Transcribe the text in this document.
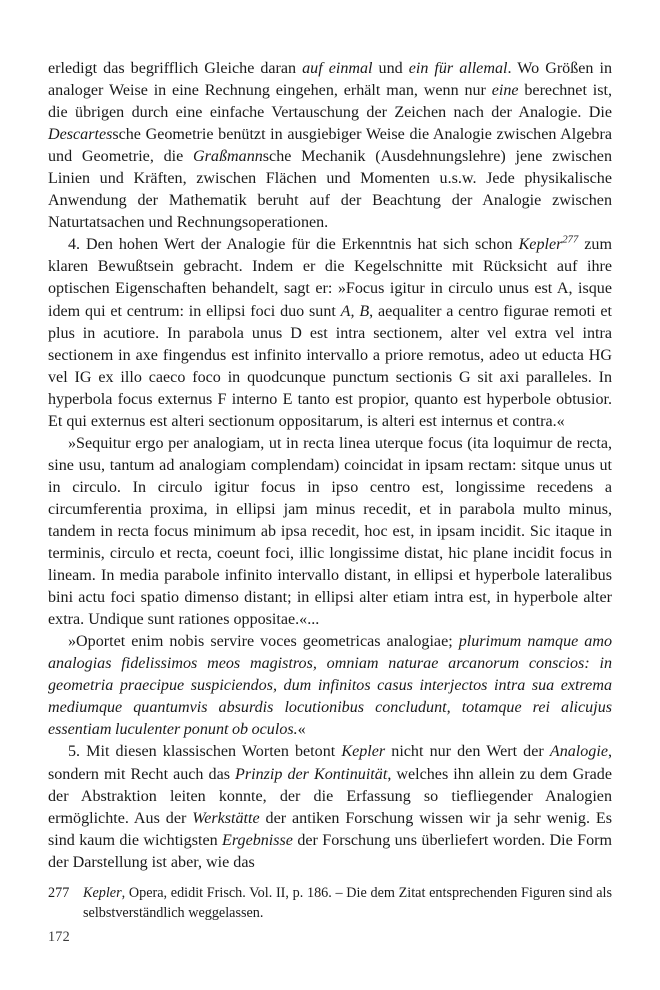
erledigt das begrifflich Gleiche daran auf einmal und ein für allemal. Wo Größen in analoger Weise in eine Rechnung eingehen, erhält man, wenn nur eine berechnet ist, die übrigen durch eine einfache Vertauschung der Zeichen nach der Analogie. Die Descartessche Geometrie benützt in ausgiebiger Weise die Analogie zwischen Algebra und Geometrie, die Graßmannsche Mechanik (Ausdehnungslehre) jene zwischen Linien und Kräften, zwischen Flächen und Momenten u.s.w. Jede physikalische Anwendung der Mathematik beruht auf der Beachtung der Analogie zwischen Naturtatsachen und Rechnungsoperationen.

4. Den hohen Wert der Analogie für die Erkenntnis hat sich schon Kepler$^{277}$ zum klaren Bewußtsein gebracht. Indem er die Kegelschnitte mit Rücksicht auf ihre optischen Eigenschaften behandelt, sagt er: »Focus igitur in circulo unus est A, isque idem qui et centrum: in ellipsi foci duo sunt A, B, aequaliter a centro figurae remoti et plus in acutiore. In parabola unus D est intra sectionem, alter vel extra vel intra sectionem in axe fingendus est infinito intervallo a priore remotus, adeo ut educta HG vel IG ex illo caeco foco in quodcunque punctum sectionis G sit axi paralleles. In hyperbola focus externus F interno E tanto est propior, quanto est hyperbole obtusior. Et qui externus est alteri sectionum oppositarum, is alteri est internus et contra.«

»Sequitur ergo per analogiam, ut in recta linea uterque focus (ita loquimur de recta, sine usu, tantum ad analogiam complendam) coincidat in ipsam rectam: sitque unus ut in circulo. In circulo igitur focus in ipso centro est, longissime recedens a circumferentia proxima, in ellipsi jam minus recedit, et in parabola multo minus, tandem in recta focus minimum ab ipsa recedit, hoc est, in ipsam incidit. Sic itaque in terminis, circulo et recta, coeunt foci, illic longissime distat, hic plane incidit focus in lineam. In media parabole infinito intervallo distant, in ellipsi et hyperbole lateralibus bini actu foci spatio dimenso distant; in ellipsi alter etiam intra est, in hyperbole alter extra. Undique sunt rationes oppositae.«...

»Oportet enim nobis servire voces geometricas analogiae; plurimum namque amo analogias fidelissimos meos magistros, omniam naturae arcanorum conscios: in geometria praecipue suspiciendos, dum infinitos casus interjectos intra sua extrema mediumque quantumvis absurdis locutionibus concludunt, totamque rei alicujus essentiam luculenter ponunt ob oculos.«

5. Mit diesen klassischen Worten betont Kepler nicht nur den Wert der Analogie, sondern mit Recht auch das Prinzip der Kontinuität, welches ihn allein zu dem Grade der Abstraktion leiten konnte, der die Erfassung so tiefliegender Analogien ermöglichte. Aus der Werkstätte der antiken Forschung wissen wir ja sehr wenig. Es sind kaum die wichtigsten Ergebnisse der Forschung uns überliefert worden. Die Form der Darstellung ist aber, wie das

277 Kepler, Opera, edidit Frisch. Vol. II, p. 186. – Die dem Zitat entsprechenden Figuren sind als selbstverständlich weggelassen.
172
